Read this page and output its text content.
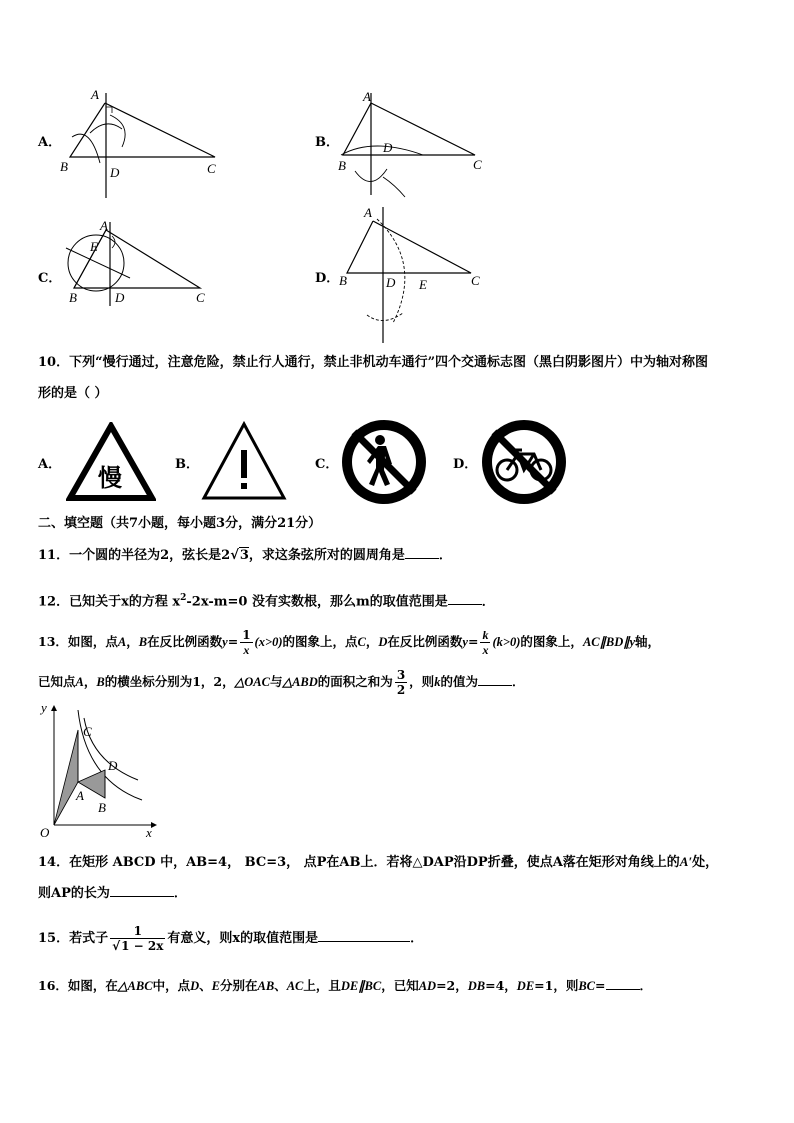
A．
A
B	D	C
B．
A
B
D
C
C．
A
E
B	D	C
D．
A
B	D E	C
10．下列“慢行通过，注意危险，禁止行人通行，禁止非机动车通行”四个交通标志图（黑白阴影图片）中为轴对称图
形的是（ ）
A． 慢	B．	C．	D．
二、填空题（共7小题，每小题3分，满分21分）
11．一个圆的半径为2，弦长是2√3，求这条弦所对的圆周角是	．
12．已知关于x的方程 $x^2-2x-m=0$ 没有实数根，那么m的取值范围是	．
13．如图，点A，B在反比例函数$y= \frac{1}{x} (x>0)$的图象上，点C，D在反比例函数$y= \frac{k}{x} (k>0)$的图象上，AC∥BD∥y轴，
已知点A，B的横坐标分别为1，2，△OAC与△ABD的面积之和为 $\frac{3}{2}$ ，则k的值为	．
y
x
O
A
B
C
D
14．在矩形 ABCD 中，AB=4， BC=3， 点P在AB上．若将△DAP沿DP折叠，使点A落在矩形对角线上的A′处，
则AP的长为	．
15．若式子 $\frac{1}{√1 - 2x}$ 有意义，则x的取值范围是	．
16．如图，在△ABC中，点D、E分别在AB、AC上，且DE∥BC，已知AD=2，DB=4，DE=1，则BC=	．
